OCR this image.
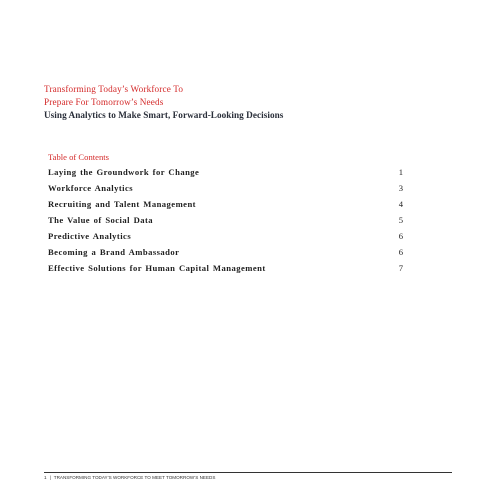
Transforming Today’s Workforce To
Prepare For Tomorrow’s Needs
Using Analytics to Make Smart, Forward-Looking Decisions
Table of Contents
Laying the Groundwork for Change	1
Workforce Analytics	3
Recruiting and Talent Management	4
The Value of Social Data	5
Predictive Analytics	6
Becoming a Brand Ambassador	6
Effective Solutions for Human Capital Management	7
1 | TRANSFORMING TODAY’S WORKFORCE TO MEET TOMORROW’S NEEDS
